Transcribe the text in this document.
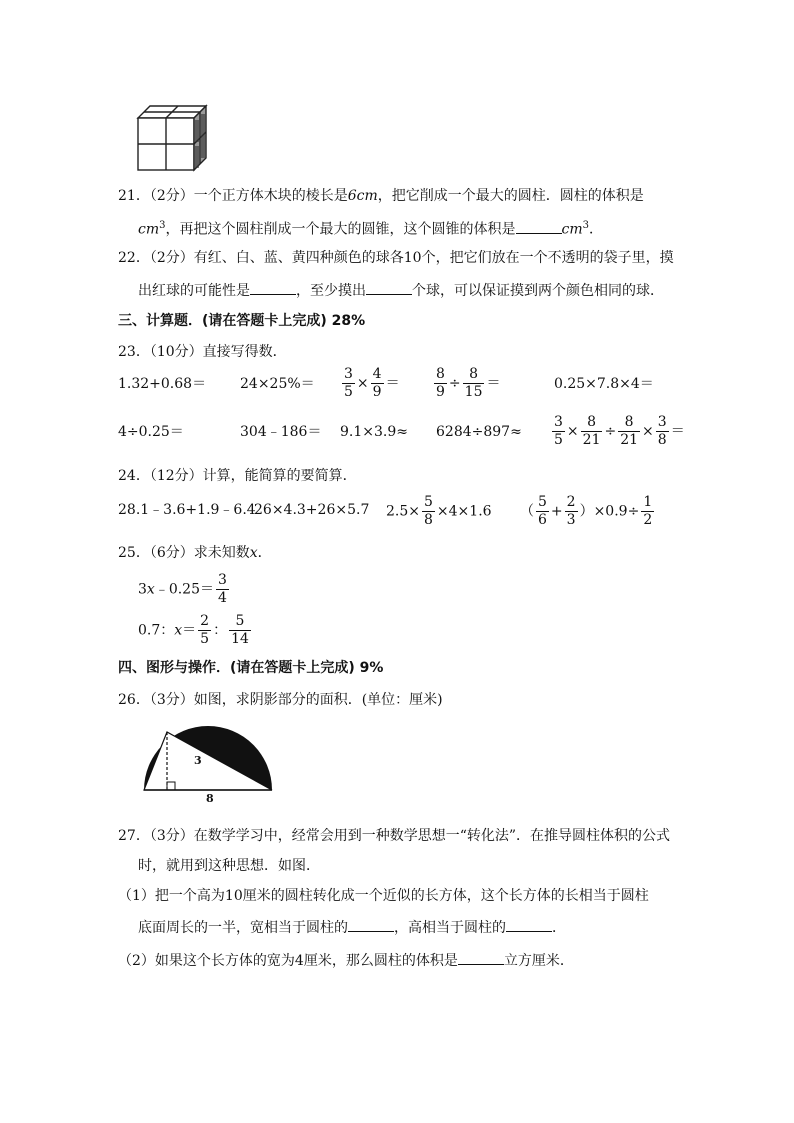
21．（2分）一个正方体木块的棱长是6cm，把它削成一个最大的圆柱．圆柱的体积是
$cm^3$，再把这个圆柱削成一个最大的圆锥，这个圆锥的体积是	$cm^3$．
22．（2分）有红、白、蓝、黄四种颜色的球各10个，把它们放在一个不透明的袋子里，摸
出红球的可能性是	，至少摸出	个球，可以保证摸到两个颜色相同的球．
三、计算题．(请在答题卡上完成) 28%
23．（10分）直接写得数．
$1.32+0.68= 24\times 25\%= \frac{3}{5} \times \frac{4}{9} = \frac{8}{9} \div \frac{8}{15}$ ＝	0.25×7.8×4＝
4÷0.25＝	304﹣186＝ $9.1\times 3.9\approx 6284\div 897\approx \frac{3}{5} \times \frac{8}{21} \div \frac{8}{21} \times \frac{3}{8}$ ＝
24．（12分）计算，能简算的要简算．
28.1﹣3.6+1.9﹣6.4
26×4.3+26×5.7 $2.5\times \frac{5}{8} \times 4\times 1.6$ （ $\frac{5}{6} + \frac{2}{3} )\times 0.9\div \frac{1}{2}$
25．（6分）求未知数x．
3x﹣0.25＝ $\frac{3}{4}$
0.7：$x= \frac{2}{5}$ ： $\frac{5}{14}$
四、图形与操作．(请在答题卡上完成) 9%
26．（3分）如图，求阴影部分的面积．(单位：厘米)
3
8
27．（3分）在数学学习中，经常会用到一种数学思想一“转化法”．在推导圆柱体积的公式
时，就用到这种思想．如图．
（1）把一个高为10厘米的圆柱转化成一个近似的长方体，这个长方体的长相当于圆柱
底面周长的一半，宽相当于圆柱的	，高相当于圆柱的	．
（2）如果这个长方体的宽为4厘米，那么圆柱的体积是	立方厘米．
